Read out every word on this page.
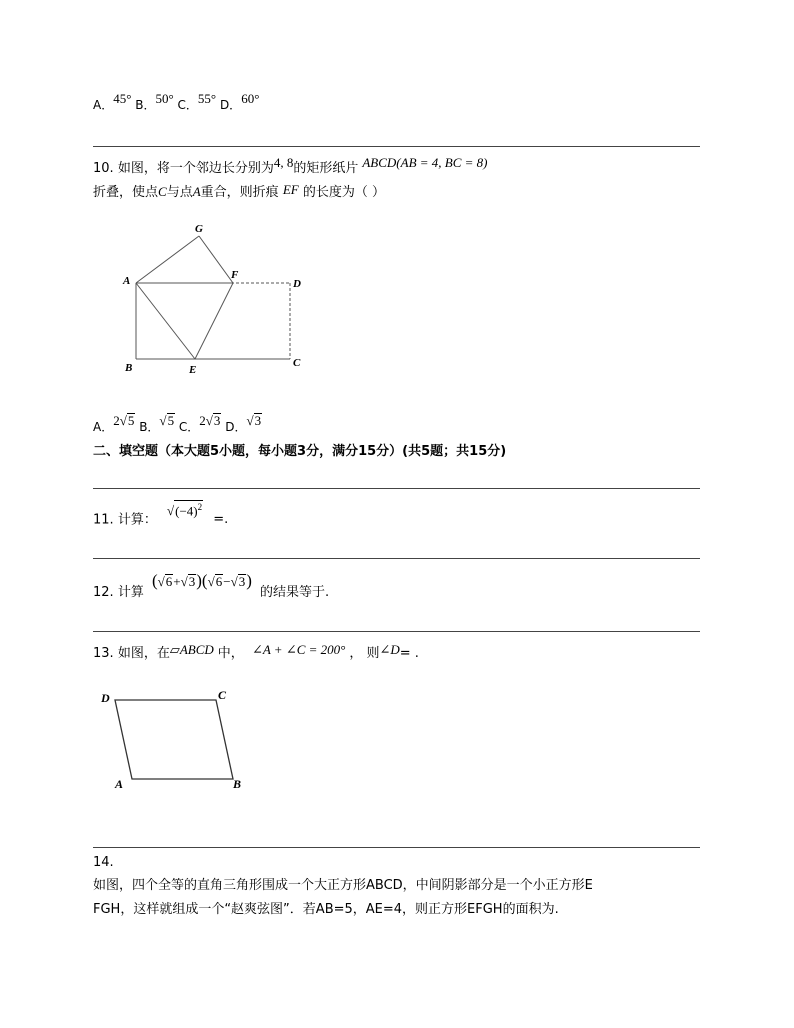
A．45° B．50° C．55° D．60°
10. 如图，将一个邻边长分别为4, 8的矩形纸片 ABCD(AB = 4, BC = 8)
折叠，使点C与点A重合，则折痕 EF 的长度为（ ）
G
A	F
D
B	E
C
A．2√5 B．√5 C．2√3 D．√3
二、填空题（本大题5小题，每小题3分，满分15分）(共5题；共15分)
11. 计算： $√(-4)^2$ =.
12. 计算 (√6+√3)(√6−√3) 的结果等于.
13. 如图，在▱ABCD 中， ∠A + ∠C = 200° ， 则∠D= .
D	C
A	B
14.
如图，四个全等的直角三角形围成一个大正方形ABCD，中间阴影部分是一个小正方形E
FGH，这样就组成一个“赵爽弦图”．若AB=5，AE=4，则正方形EFGH的面积为.
